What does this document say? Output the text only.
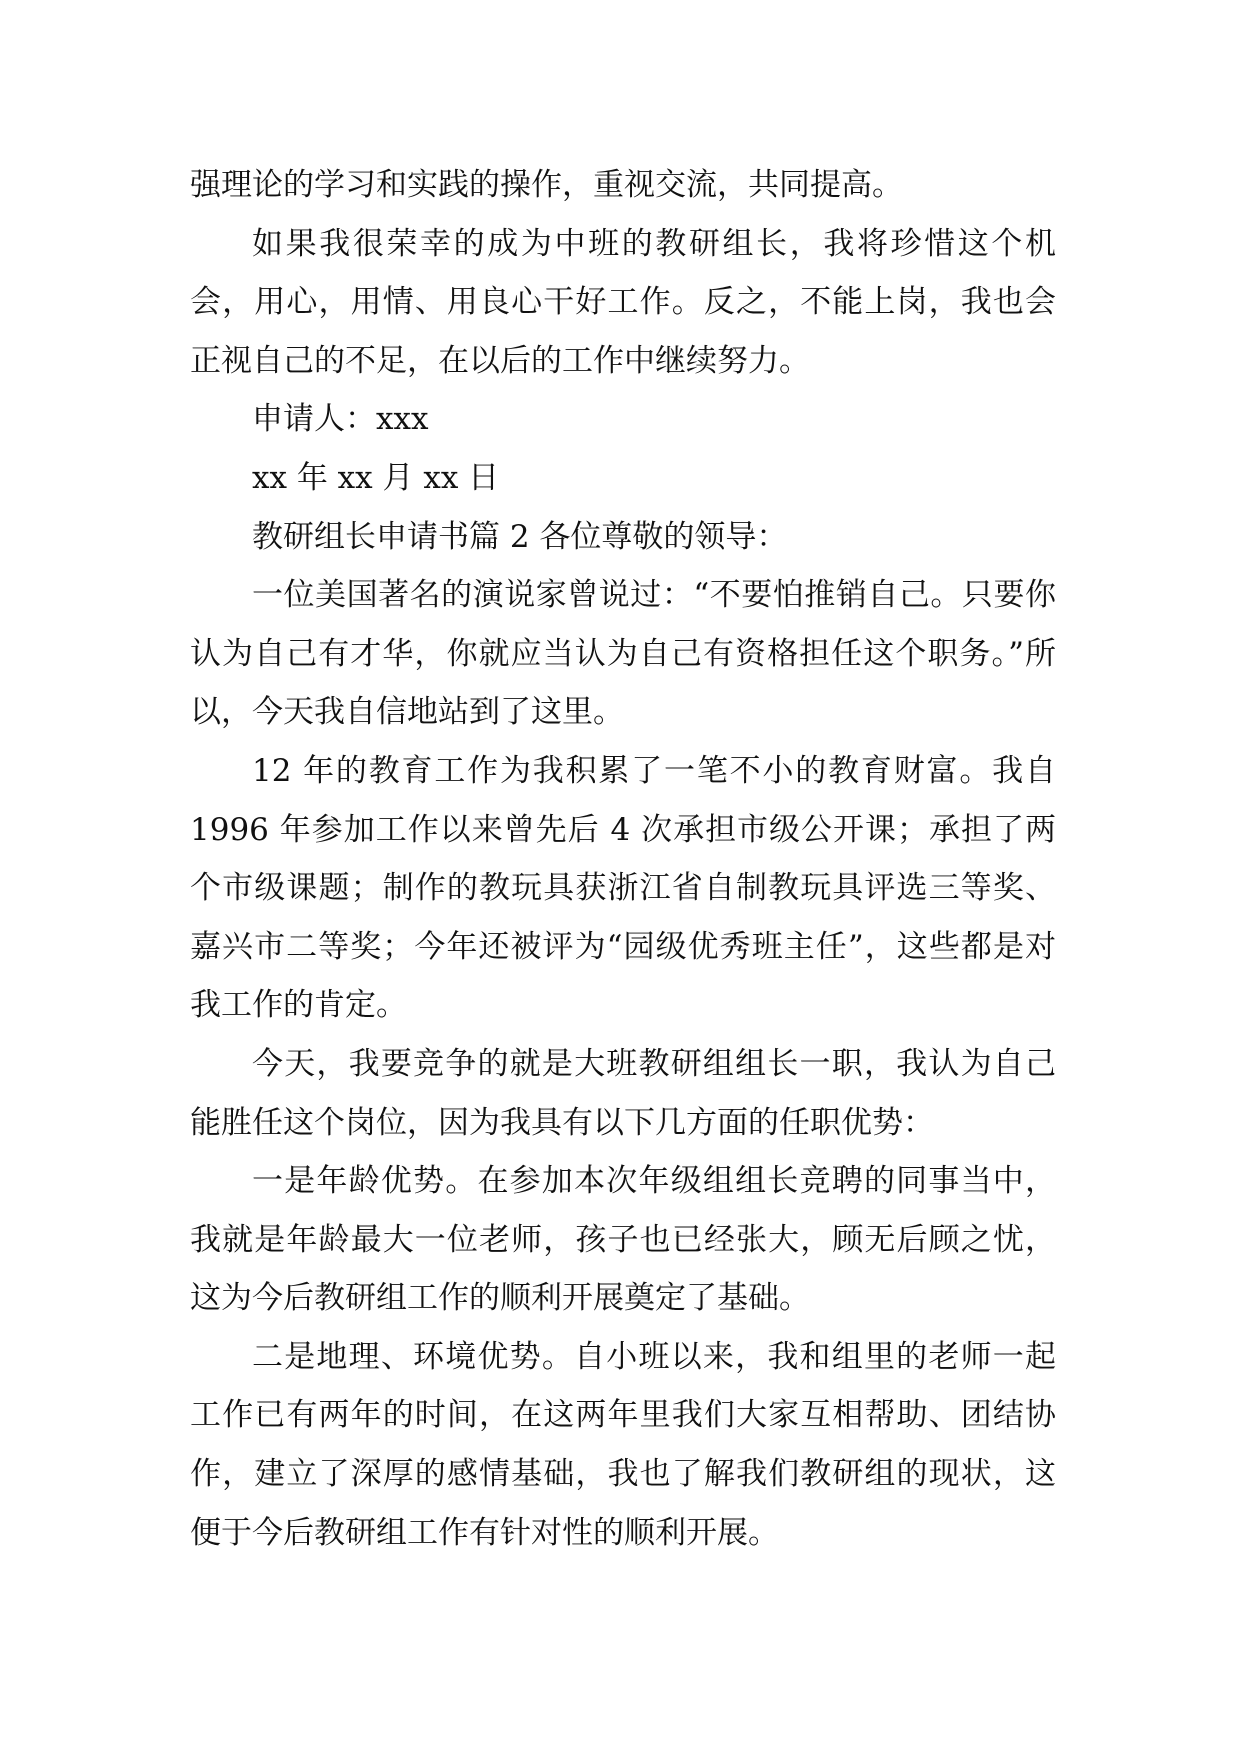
强理论的学习和实践的操作，重视交流，共同提高。

如果我很荣幸的成为中班的教研组长，我将珍惜这个机会，用心，用情、用良心干好工作。反之，不能上岗，我也会正视自己的不足，在以后的工作中继续努力。

申请人：xxx

xx 年 xx 月 xx 日

教研组长申请书篇 2 各位尊敬的领导：

一位美国著名的演说家曾说过：“不要怕推销自己。只要你认为自己有才华，你就应当认为自己有资格担任这个职务。”所以，今天我自信地站到了这里。

12 年的教育工作为我积累了一笔不小的教育财富。我自 1996 年参加工作以来曾先后 4 次承担市级公开课；承担了两个市级课题；制作的教玩具获浙江省自制教玩具评选三等奖、嘉兴市二等奖；今年还被评为“园级优秀班主任”，这些都是对我工作的肯定。

今天，我要竞争的就是大班教研组组长一职，我认为自己能胜任这个岗位，因为我具有以下几方面的任职优势：

一是年龄优势。在参加本次年级组组长竞聘的同事当中，我就是年龄最大一位老师，孩子也已经张大，顾无后顾之忧，这为今后教研组工作的顺利开展奠定了基础。

二是地理、环境优势。自小班以来，我和组里的老师一起工作已有两年的时间，在这两年里我们大家互相帮助、团结协作，建立了深厚的感情基础，我也了解我们教研组的现状，这便于今后教研组工作有针对性的顺利开展。
